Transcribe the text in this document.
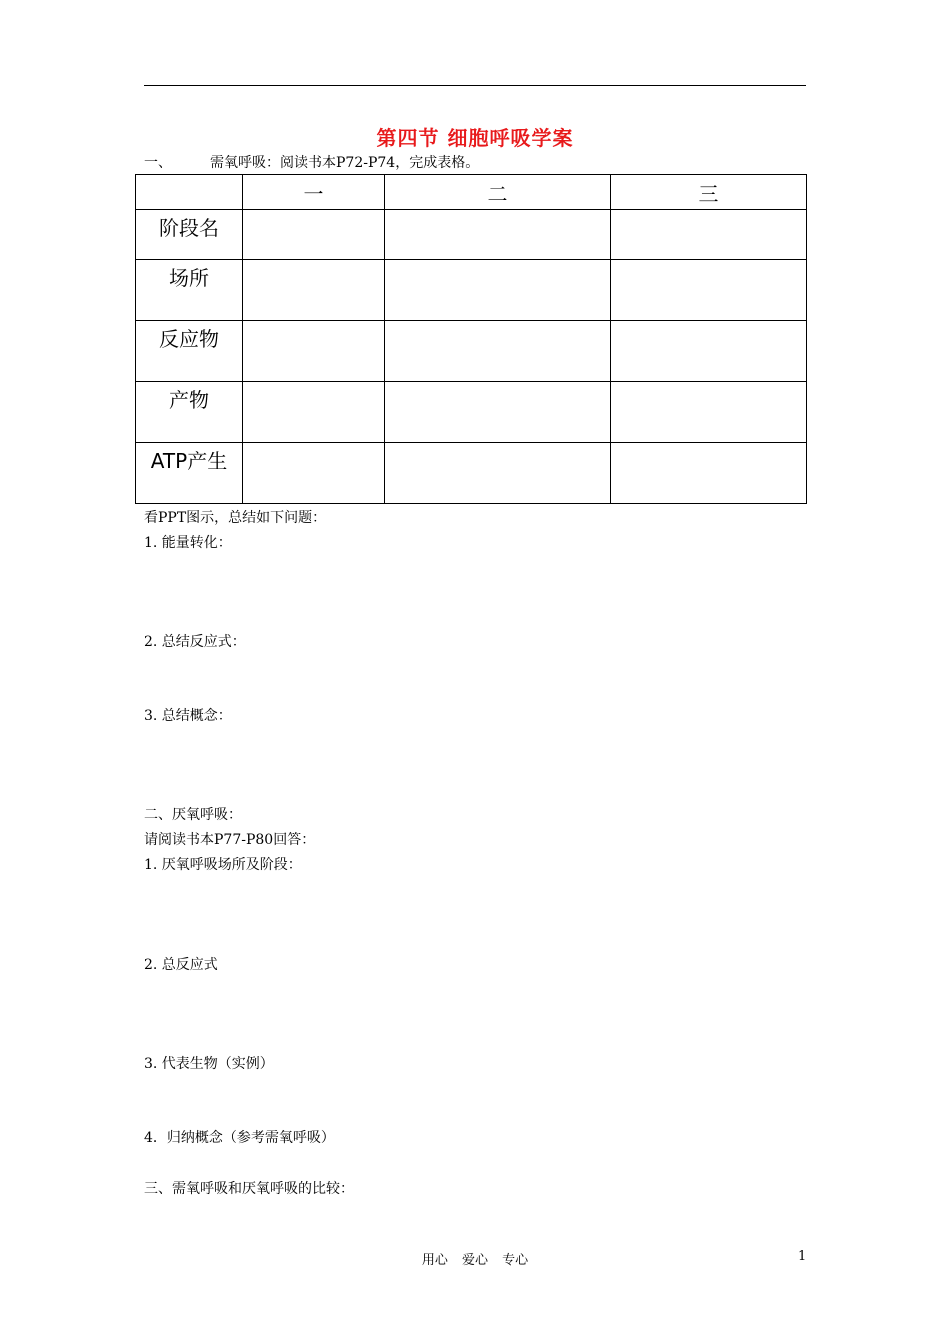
第四节 细胞呼吸学案
一、	需氧呼吸：阅读书本P72-P74，完成表格。
	一	二	三
阶段名			
场所			
反应物			
产物			
ATP产生			
看PPT图示，总结如下问题：
1. 能量转化：
2. 总结反应式：
3. 总结概念：
二、厌氧呼吸：
请阅读书本P77-P80回答：
1. 厌氧呼吸场所及阶段：
2. 总反应式
3. 代表生物（实例）
4．归纳概念（参考需氧呼吸）
三、需氧呼吸和厌氧呼吸的比较：
用心 爱心 专心	1
